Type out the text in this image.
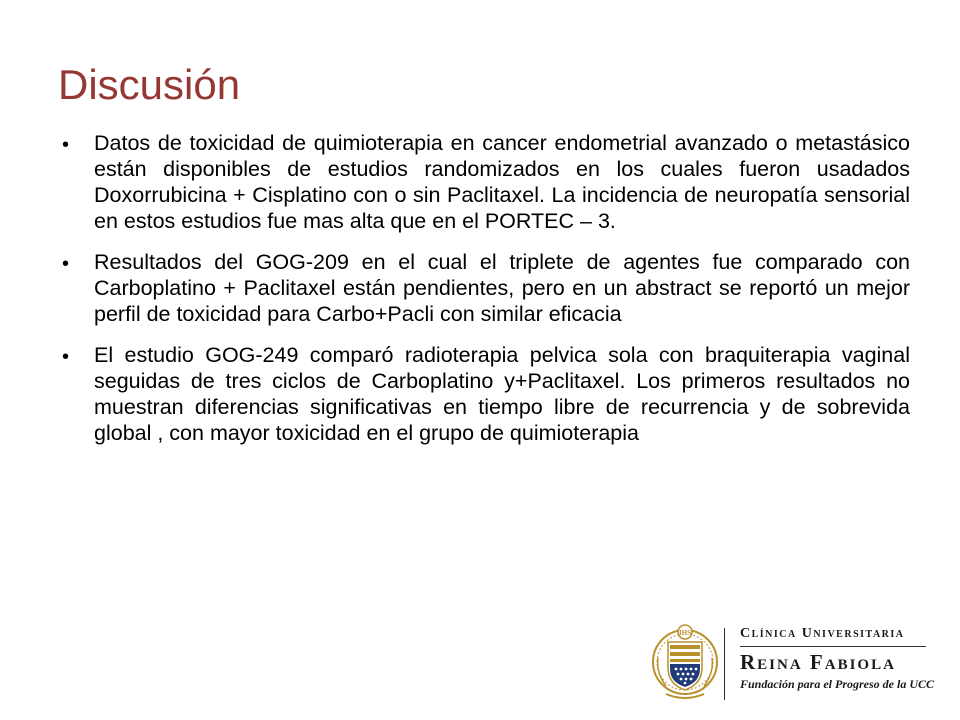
Discusión
• Datos de toxicidad de quimioterapia en cancer endometrial avanzado o metastásico están disponibles de estudios randomizados en los cuales fueron usadados Doxorrubicina + Cisplatino con o sin Paclitaxel. La incidencia de neuropatía sensorial en estos estudios fue mas alta que en el PORTEC – 3.
• Resultados del GOG-209 en el cual el triplete de agentes fue comparado con Carboplatino + Paclitaxel están pendientes, pero en un abstract se reportó un mejor perfil de toxicidad para Carbo+Pacli con similar eficacia
• El estudio GOG-249 comparó radioterapia pelvica sola con braquiterapia vaginal seguidas de tres ciclos de Carboplatino y+Paclitaxel. Los primeros resultados no muestran diferencias significativas en tiempo libre de recurrencia y de sobrevida global , con mayor toxicidad en el grupo de quimioterapia
IHS	Clínica Universitaria
Reina Fabiola
Fundación para el Progreso de la UCC
